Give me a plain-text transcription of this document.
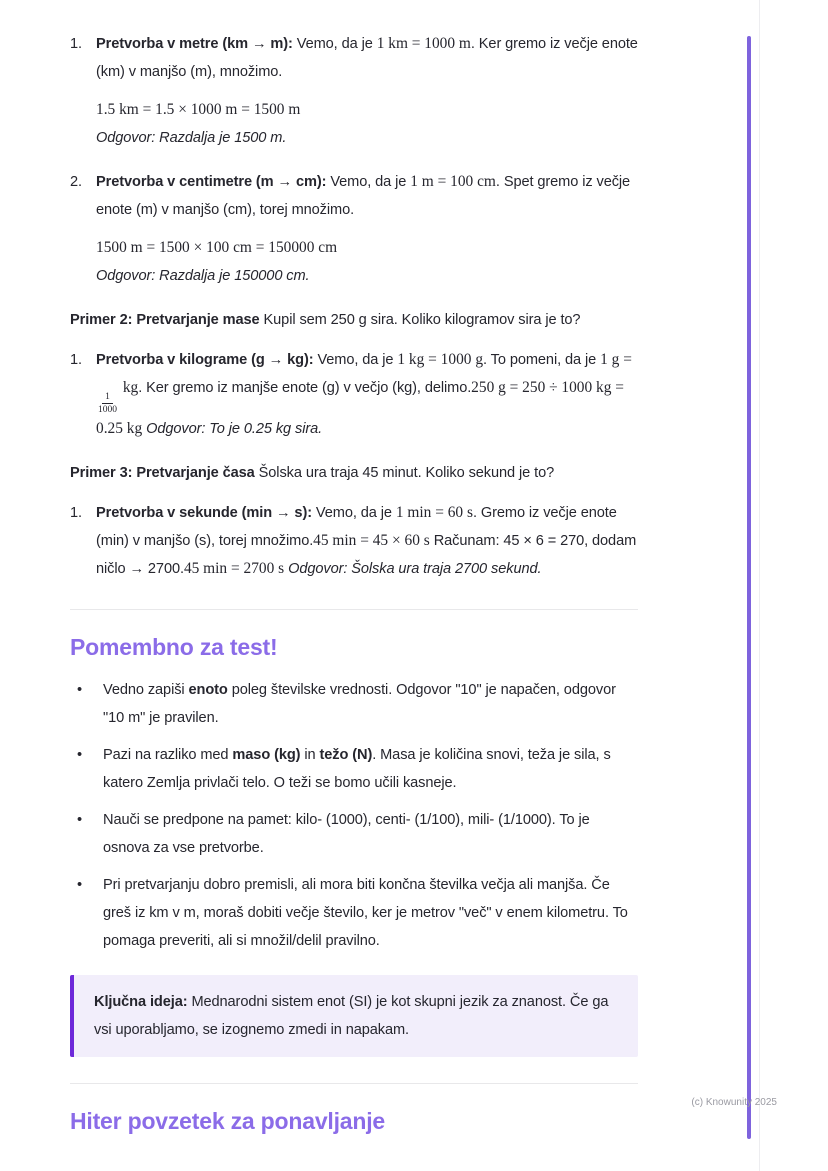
1. Pretvorba v metre (km → m): Vemo, da je 1 km = 1000 m. Ker gremo iz večje enote (km) v manjšo (m), množimo.
1.5 km = 1.5 × 1000 m = 1500 m
Odgovor: Razdalja je 1500 m.
2. Pretvorba v centimetre (m → cm): Vemo, da je 1 m = 100 cm. Spet gremo iz večje enote (m) v manjšo (cm), torej množimo.
1500 m = 1500 × 100 cm = 150000 cm
Odgovor: Razdalja je 150000 cm.

Primer 2: Pretvarjanje mase Kupil sem 250 g sira. Koliko kilogramov sira je to?

1. Pretvorba v kilograme (g → kg): Vemo, da je 1 kg = 1000 g. To pomeni, da je 1 g =
$\frac{1}{1000}$
kg. Ker gremo iz manjše enote (g) v večjo (kg), delimo.250 g = 250 ÷ 1000 kg = 0.25 kg Odgovor: To je 0.25 kg sira.

Primer 3: Pretvarjanje časa Šolska ura traja 45 minut. Koliko sekund je to?

1. Pretvorba v sekunde (min → s): Vemo, da je 1 min = 60 s. Gremo iz večje enote (min) v manjšo (s), torej množimo.45 min = 45 × 60 s Računam: 45 × 6 = 270, dodam ničlo → 2700.45 min = 2700 s Odgovor: Šolska ura traja 2700 sekund.
Pomembno za test!
• Vedno zapiši enoto poleg številske vrednosti. Odgovor "10" je napačen, odgovor "10 m" je pravilen.
• Pazi na razliko med maso (kg) in težo (N). Masa je količina snovi, teža je sila, s katero Zemlja privlači telo. O teži se bomo učili kasneje.
• Nauči se predpone na pamet: kilo- (1000), centi- (1/100), mili- (1/1000). To je osnova za vse pretvorbe.
• Pri pretvarjanju dobro premisli, ali mora biti končna številka večja ali manjša. Če greš iz km v m, moraš dobiti večje število, ker je metrov "več" v enem kilometru. To pomaga preveriti, ali si množil/delil pravilno.
Ključna ideja: Mednarodni sistem enot (SI) je kot skupni jezik za znanost. Če ga vsi uporabljamo, se izognemo zmedi in napakam.
Hiter povzetek za ponavljanje
(c) Knowunity 2025
